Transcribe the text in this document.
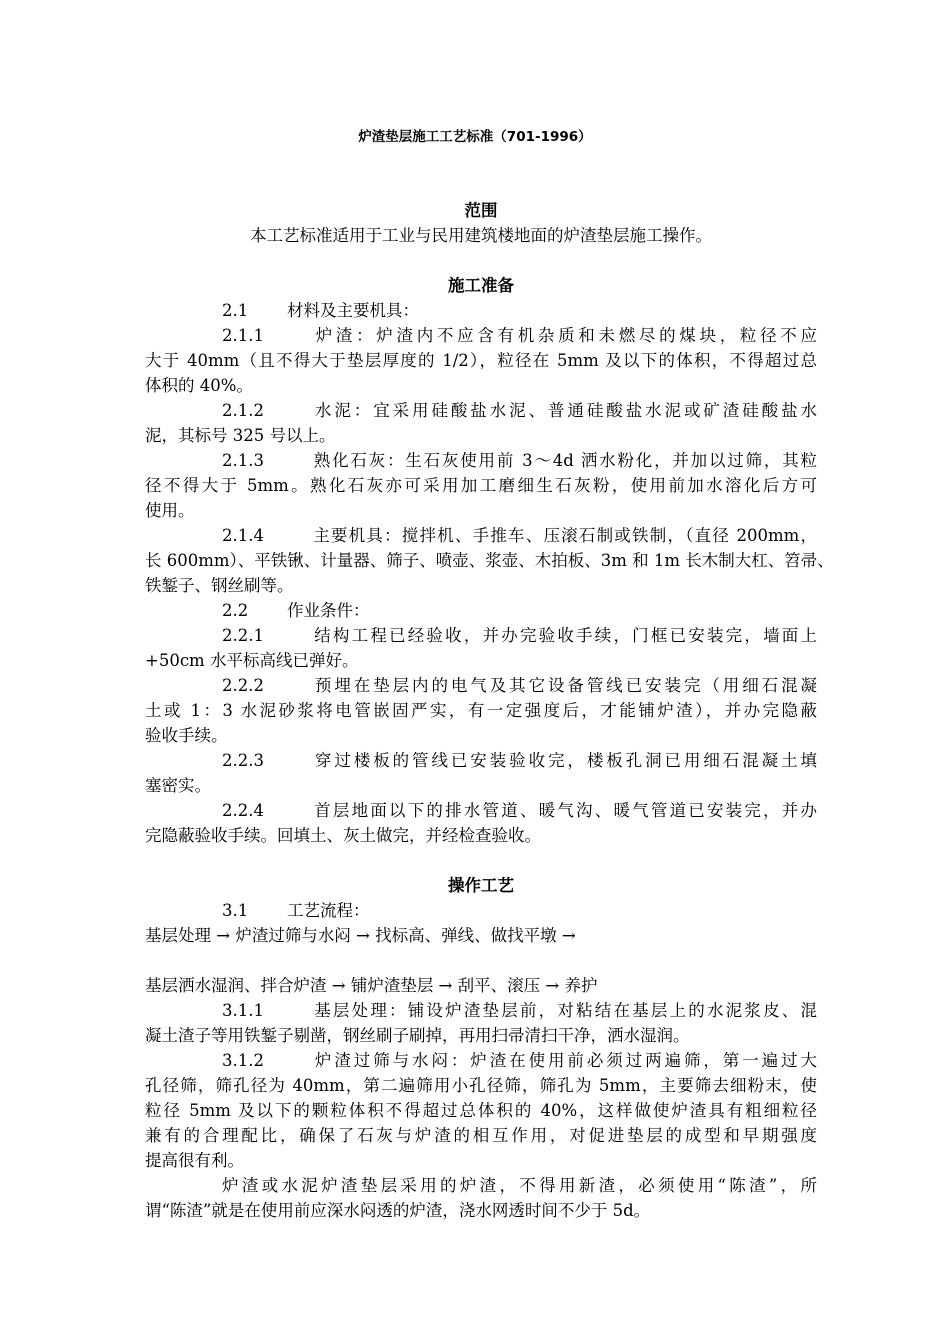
炉渣垫层施工工艺标准（701-1996）
范围
本工艺标准适用于工业与民用建筑楼地面的炉渣垫层施工操作。
施工准备
2.1 材料及主要机具：
2.1.1	炉渣：炉渣内不应含有机杂质和未燃尽的煤块，粒径不应
大于 40mm（且不得大于垫层厚度的 1/2），粒径在 5mm 及以下的体积，不得超过总
体积的 40%。
2.1.2	水泥：宜采用硅酸盐水泥、普通硅酸盐水泥或矿渣硅酸盐水
泥，其标号 325 号以上。
2.1.3	熟化石灰：生石灰使用前 3～4d 洒水粉化，并加以过筛，其粒
径不得大于 5mm。熟化石灰亦可采用加工磨细生石灰粉，使用前加水溶化后方可
使用。
2.1.4	主要机具：搅拌机、手推车、压滚石制或铁制，（直径 200mm，
长 600mm）、平铁锹、计量器、筛子、喷壶、浆壶、木拍板、3m 和 1m 长木制大杠、笤帚、
铁錾子、钢丝刷等。
2.2 作业条件：
2.2.1	结构工程已经验收，并办完验收手续，门框已安装完，墙面上
+50cm 水平标高线已弹好。
2.2.2	预埋在垫层内的电气及其它设备管线已安装完（用细石混凝
土或 1：3 水泥砂浆将电管嵌固严实，有一定强度后，才能铺炉渣），并办完隐蔽
验收手续。
2.2.3	穿过楼板的管线已安装验收完，楼板孔洞已用细石混凝土填
塞密实。
2.2.4	首层地面以下的排水管道、暖气沟、暖气管道已安装完，并办
完隐蔽验收手续。回填土、灰土做完，并经检查验收。
操作工艺
3.1 工艺流程：
基层处理 → 炉渣过筛与水闷 → 找标高、弹线、做找平墩 →
基层洒水湿润、拌合炉渣 → 铺炉渣垫层 → 刮平、滚压 → 养护
3.1.1	基层处理：铺设炉渣垫层前，对粘结在基层上的水泥浆皮、混
凝土渣子等用铁錾子剔凿，钢丝刷子刷掉，再用扫帚清扫干净，洒水湿润。
3.1.2	炉渣过筛与水闷：炉渣在使用前必须过两遍筛，第一遍过大
孔径筛，筛孔径为 40mm，第二遍筛用小孔径筛，筛孔为 5mm，主要筛去细粉末，使
粒径 5mm 及以下的颗粒体积不得超过总体积的 40%，这样做使炉渣具有粗细粒径
兼有的合理配比，确保了石灰与炉渣的相互作用，对促进垫层的成型和早期强度
提高很有利。
炉渣或水泥炉渣垫层采用的炉渣，不得用新渣，必须使用“陈渣”，所
谓“陈渣”就是在使用前应深水闷透的炉渣，浇水网透时间不少于 5d。
